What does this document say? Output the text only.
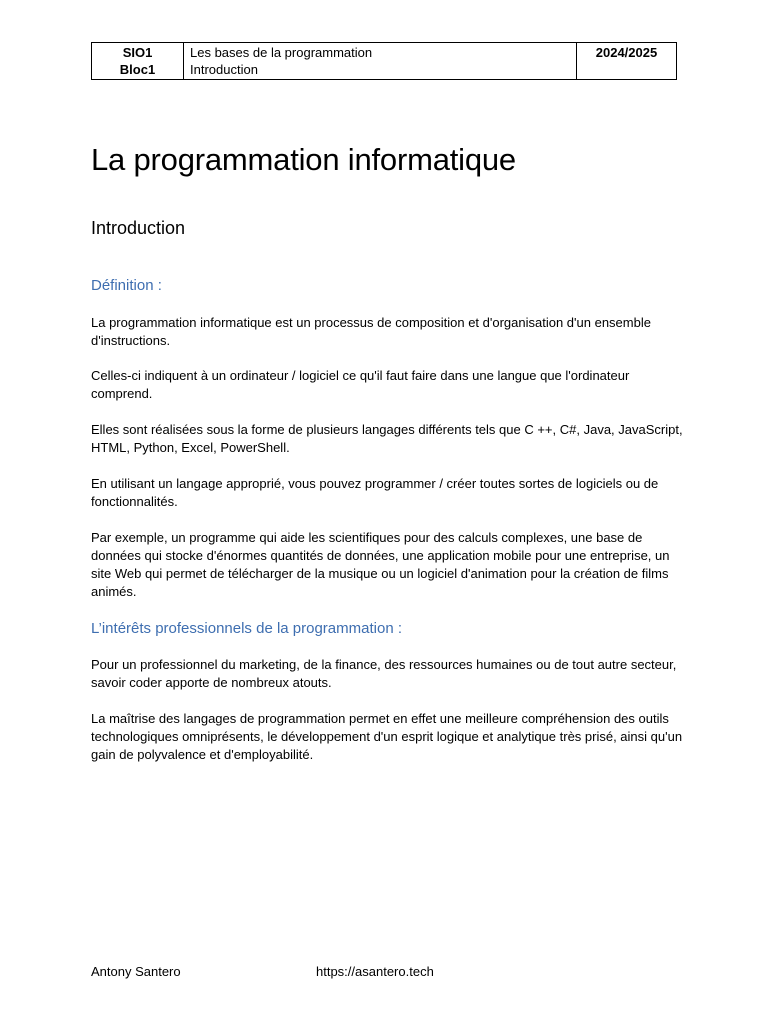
SIO1
Bloc1

Les bases de la programmation
Introduction

2024/2025
La programmation informatique
Introduction
Définition :

La programmation informatique est un processus de composition et d'organisation d'un ensemble d'instructions.

Celles-ci indiquent à un ordinateur / logiciel ce qu'il faut faire dans une langue que l'ordinateur comprend.

Elles sont réalisées sous la forme de plusieurs langages différents tels que C ++, C#, Java, JavaScript, HTML, Python, Excel, PowerShell.

En utilisant un langage approprié, vous pouvez programmer / créer toutes sortes de logiciels ou de fonctionnalités.

Par exemple, un programme qui aide les scientifiques pour des calculs complexes, une base de données qui stocke d'énormes quantités de données, une application mobile pour une entreprise, un site Web qui permet de télécharger de la musique ou un logiciel d'animation pour la création de films animés.

L’intérêts professionnels de la programmation :

Pour un professionnel du marketing, de la finance, des ressources humaines ou de tout autre secteur, savoir coder apporte de nombreux atouts.

La maîtrise des langages de programmation permet en effet une meilleure compréhension des outils technologiques omniprésents, le développement d'un esprit logique et analytique très prisé, ainsi qu'un gain de polyvalence et d'employabilité.

Antony Santero	https://asantero.tech
